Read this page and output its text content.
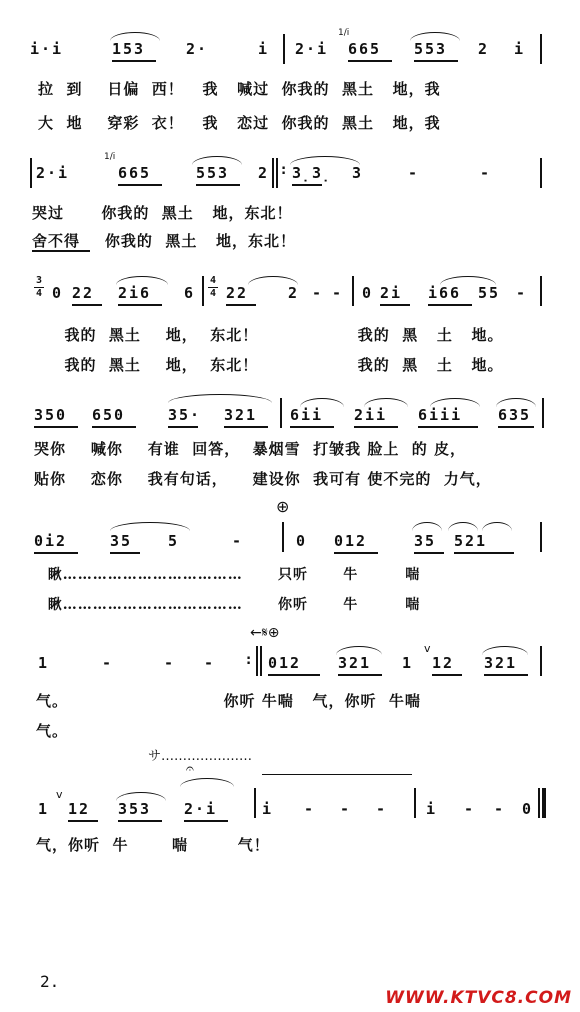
i·i	153	2·	i 2·i
1/i
665 553 2 i
拉  到    日偏  西！   我   喊过  你我的  黑土   地，我
大  地    穿彩  衣！   我   恋过  你我的  黑土   地，我
2·i
1/i
665	553 2 : 3̣3̣ 3	-	-
哭过      你我的  黑土   地，东北！
舍不得    你我的  黑土   地，东北！
3
4 0 22 2i6 6
4
4 22	2 - - 0 2i i66 55 -
我的  黑土    地，  东北！                我的  黑   土   地。
我的  黑土    地，  东北！                我的  黑   土   地。
350 650	35· 321 6ii 2ii 6iii 635
哭你    喊你    有谁  回答，  暴烟雪  打皱我 脸上  的 皮，
贴你    恋你    我有句话，    建设你  我可有 使不完的  力气，
⊕
0i2	35 5	-	0 012	35 521
瞅………………………………      只听      牛        喘
瞅………………………………      你听      牛        喘
←𝄋⊕
1	-	- - : 012 321 1
v
12 321
气。                         你听 牛喘   气，你听  牛喘
气。
サ…………………
𝄐
1
v
12 353 2·i	i - - -	i - - 0
气，你听  牛       喘        气！
2.
WWW.KTVC8.COM
